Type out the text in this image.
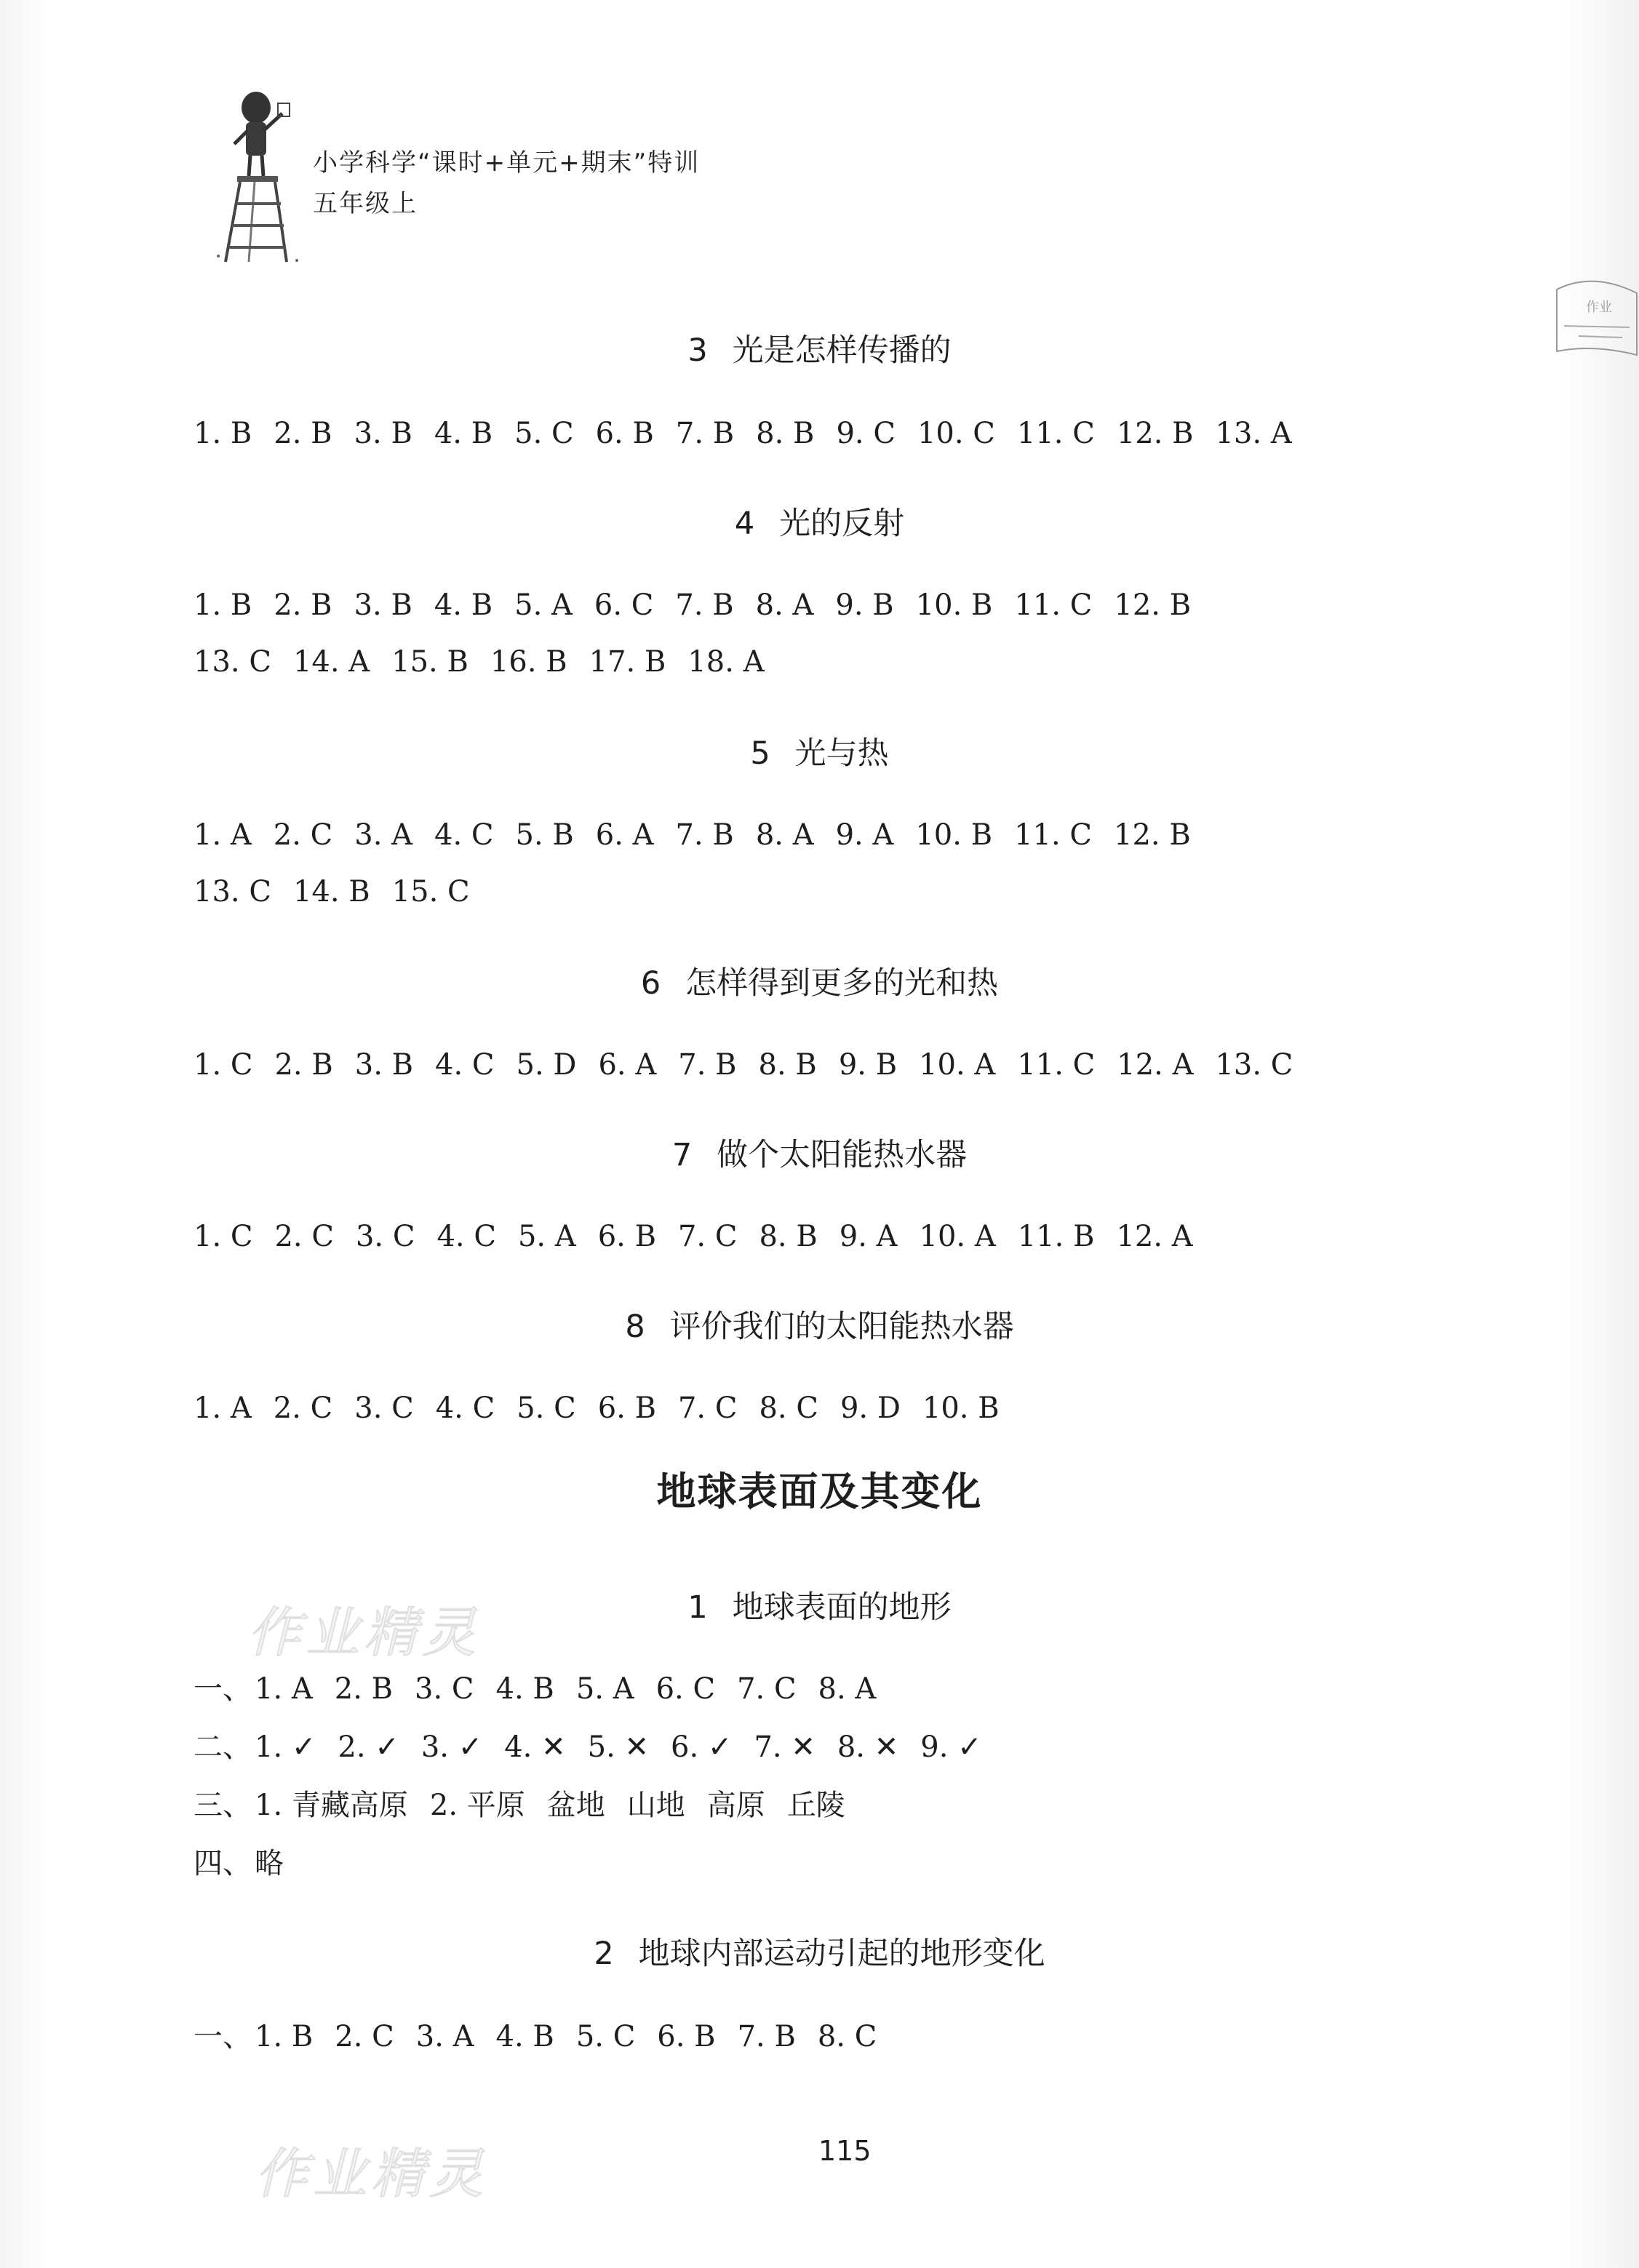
小学科学“课时+单元+期末”特训
五年级上
作业
3 光是怎样传播的
1. B 2. B 3. B 4. B 5. C 6. B 7. B 8. B 9. C 10. C 11. C 12. B 13. A
4 光的反射
1. B 2. B 3. B 4. B 5. A 6. C 7. B 8. A 9. B 10. B 11. C 12. B
13. C 14. A 15. B 16. B 17. B 18. A
5 光与热
1. A 2. C 3. A 4. C 5. B 6. A 7. B 8. A 9. A 10. B 11. C 12. B
13. C 14. B 15. C
6 怎样得到更多的光和热
1. C 2. B 3. B 4. C 5. D 6. A 7. B 8. B 9. B 10. A 11. C 12. A 13. C
7 做个太阳能热水器
1. C 2. C 3. C 4. C 5. A 6. B 7. C 8. B 9. A 10. A 11. B 12. A
8 评价我们的太阳能热水器
1. A 2. C 3. C 4. C 5. C 6. B 7. C 8. C 9. D 10. B
地球表面及其变化
作业精灵	1 地球表面的地形
一、 1. A 2. B 3. C 4. B 5. A 6. C 7. C 8. A
二、 1. ✓ 2. ✓ 3. ✓ 4. ✕ 5. ✕ 6. ✓ 7. ✕ 8. ✕ 9. ✓
三、 1. 青藏高原 2. 平原 盆地 山地 高原 丘陵
四、 略
2 地球内部运动引起的地形变化
一、 1. B 2. C 3. A 4. B 5. C 6. B 7. B 8. C
115
作业精灵
